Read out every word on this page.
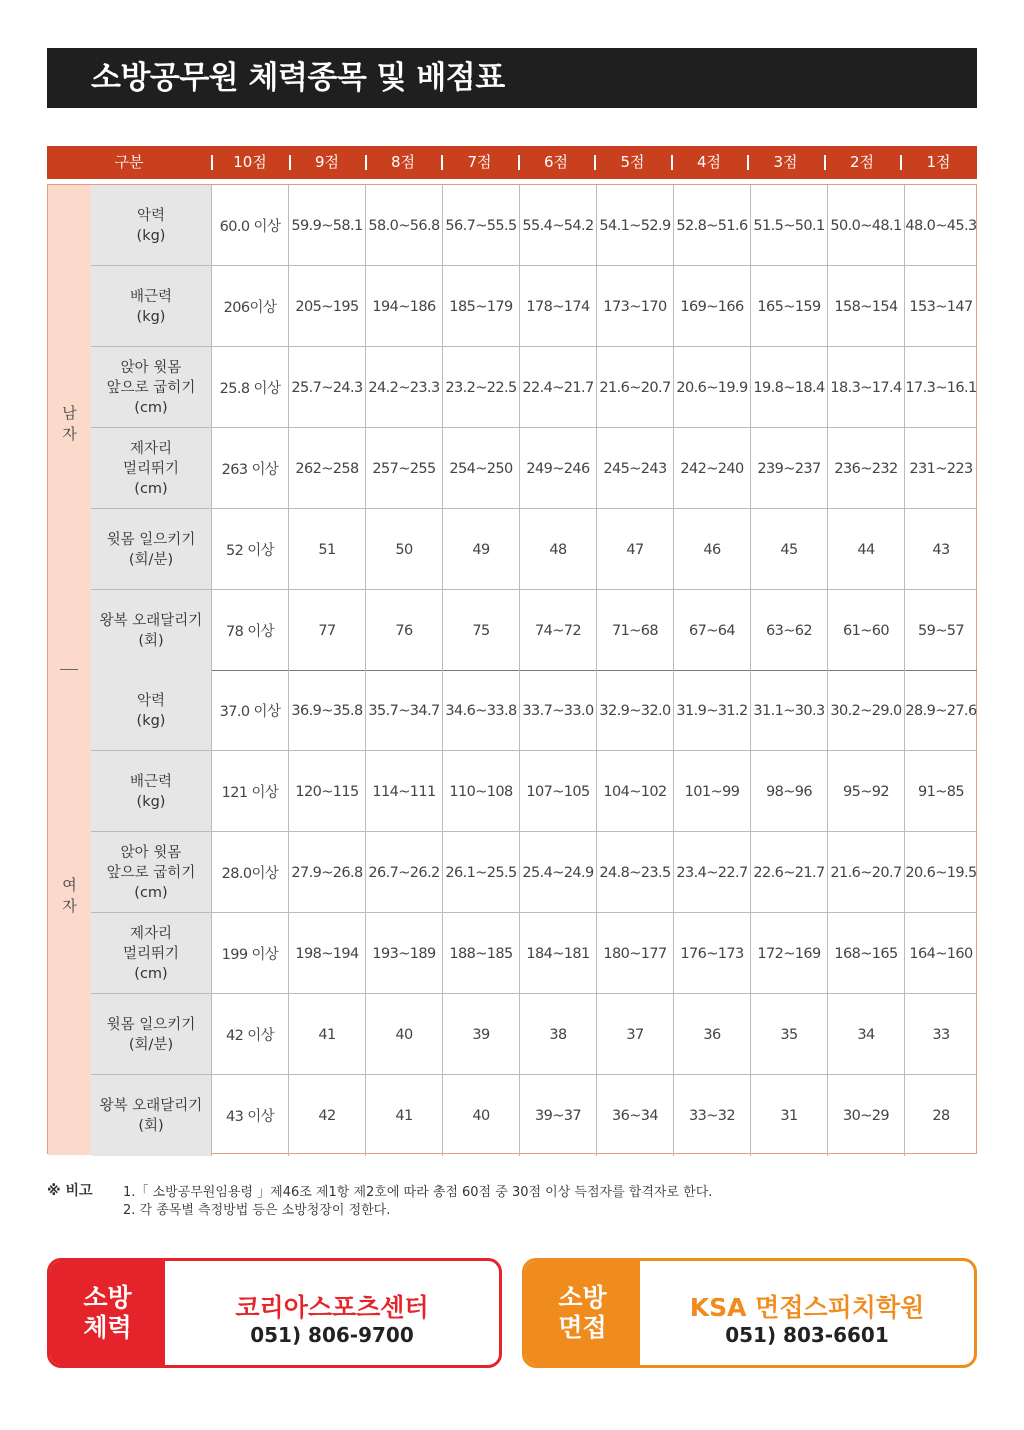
소방공무원 체력종목 및 배점표
구분	10점	9점	8점	7점	6점	5점	4점	3점	2점	1점
남
자
악력
(kg)
60.0 이상 59.9~58.1 58.0~56.8 56.7~55.5 55.4~54.2 54.1~52.9 52.8~51.6 51.5~50.1 50.0~48.1 48.0~45.3
배근력
(kg)
206이상	205~195 194~186 185~179 178~174 173~170 169~166 165~159 158~154 153~147
앉아 윗몸
앞으로 굽히기
(cm)
25.8 이상 25.7~24.3 24.2~23.3 23.2~22.5 22.4~21.7 21.6~20.7 20.6~19.9 19.8~18.4 18.3~17.4 17.3~16.1
제자리
멀리뛰기
(cm)
263 이상	262~258 257~255 254~250 249~246 245~243 242~240 239~237 236~232 231~223
윗몸 일으키기
(회/분)
52 이상	51	50	49	48	47	46	45	44	43
왕복 오래달리기
(회)
78 이상	77	76	75	74~72	71~68	67~64	63~62	61~60	59~57
여
자
악력
(kg)
37.0 이상 36.9~35.8 35.7~34.7 34.6~33.8 33.7~33.0 32.9~32.0 31.9~31.2 31.1~30.3 30.2~29.0 28.9~27.6
배근력
(kg)
121 이상	120~115 114~111 110~108 107~105 104~102	101~99	98~96	95~92	91~85
앉아 윗몸
앞으로 굽히기
(cm)
28.0이상 27.9~26.8 26.7~26.2 26.1~25.5 25.4~24.9 24.8~23.5 23.4~22.7 22.6~21.7 21.6~20.7 20.6~19.5
제자리
멀리뛰기
(cm)
199 이상	198~194 193~189 188~185 184~181 180~177 176~173 172~169 168~165 164~160
윗몸 일으키기
(회/분)
42 이상	41	40	39	38	37	36	35	34	33
왕복 오래달리기
(회)
43 이상	42	41	40	39~37	36~34	33~32	31	30~29	28
※ 비고 1.「 소방공무원임용령 」제46조 제1항 제2호에 따라 총점 60점 중 30점 이상 득점자를 합격자로 한다.
2. 각 종목별 측정방법 등은 소방청장이 정한다.
소방
체력
코리아스포츠센터
051) 806-9700
소방
면접
KSA 면접스피치학원
051) 803-6601
